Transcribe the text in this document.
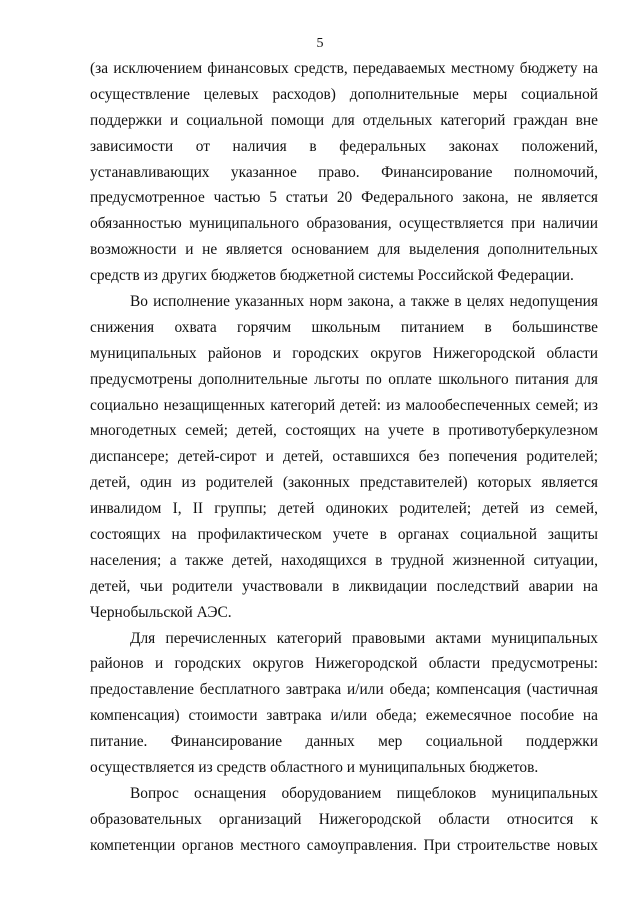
5
(за исключением финансовых средств, передаваемых местному бюджету на
осуществление целевых расходов) дополнительные меры социальной
поддержки и социальной помощи для отдельных категорий граждан вне
зависимости от наличия в федеральных законах положений,
устанавливающих указанное право. Финансирование полномочий,
предусмотренное частью 5 статьи 20 Федерального закона, не является
обязанностью муниципального образования, осуществляется при наличии
возможности и не является основанием для выделения дополнительных
средств из других бюджетов бюджетной системы Российской Федерации.
Во исполнение указанных норм закона, а также в целях недопущения
снижения охвата горячим школьным питанием в большинстве
муниципальных районов и городских округов Нижегородской области
предусмотрены дополнительные льготы по оплате школьного питания для
социально незащищенных категорий детей: из малообеспеченных семей; из
многодетных семей; детей, состоящих на учете в противотуберкулезном
диспансере; детей-сирот и детей, оставшихся без попечения родителей;
детей, один из родителей (законных представителей) которых является
инвалидом I, II группы; детей одиноких родителей; детей из семей,
состоящих на профилактическом учете в органах социальной защиты
населения; а также детей, находящихся в трудной жизненной ситуации,
детей, чьи родители участвовали в ликвидации последствий аварии на
Чернобыльской АЭС.
Для перечисленных категорий правовыми актами муниципальных
районов и городских округов Нижегородской области предусмотрены:
предоставление бесплатного завтрака и/или обеда; компенсация (частичная
компенсация) стоимости завтрака и/или обеда; ежемесячное пособие на
питание. Финансирование данных мер социальной поддержки
осуществляется из средств областного и муниципальных бюджетов.
Вопрос оснащения оборудованием пищеблоков муниципальных
образовательных организаций Нижегородской области относится к
компетенции органов местного самоуправления. При строительстве новых
